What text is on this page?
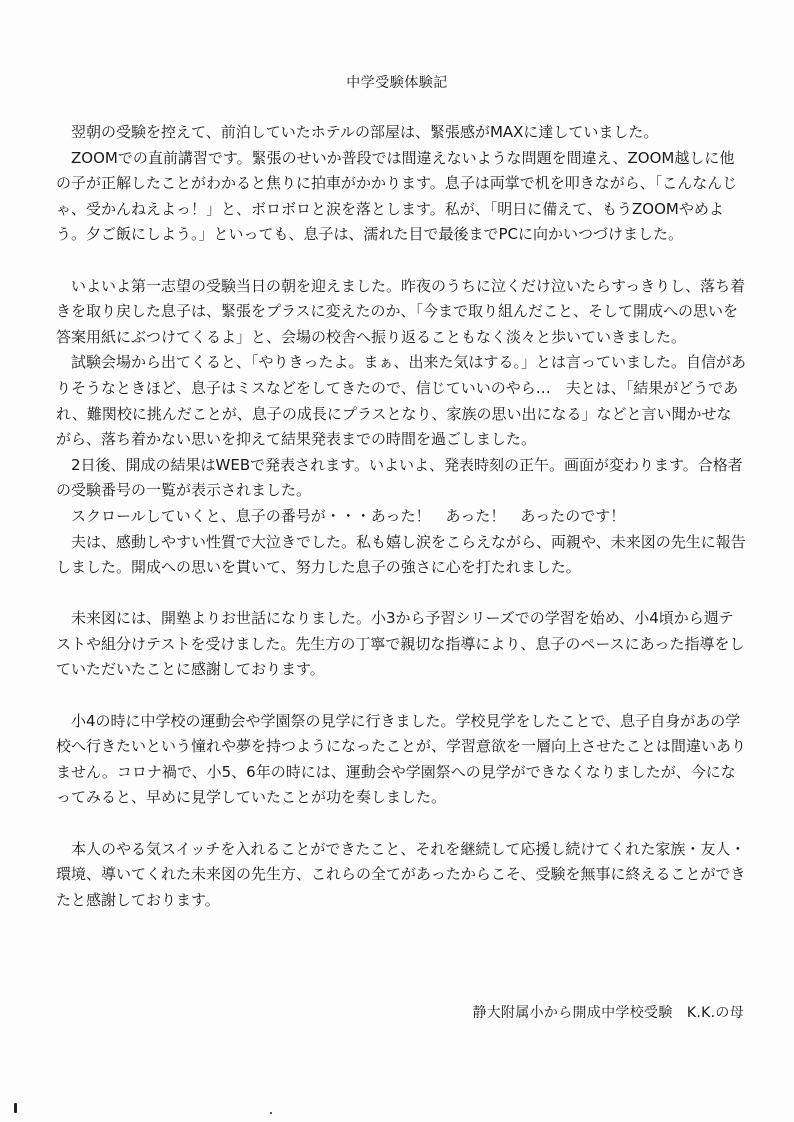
中学受験体験記

翌朝の受験を控えて、前泊していたホテルの部屋は、緊張感がMAXに達していました。

ZOOMでの直前講習です。緊張のせいか普段では間違えないような問題を間違え、ZOOM越しに他の子が正解したことがわかると焦りに拍車がかかります。息子は両掌で机を叩きながら、「こんなんじゃ、受かんねえよっ！」と、ボロボロと涙を落とします。私が、「明日に備えて、もうZOOMやめよう。夕ご飯にしよう。」といっても、息子は、濡れた目で最後までPCに向かいつづけました。

いよいよ第一志望の受験当日の朝を迎えました。昨夜のうちに泣くだけ泣いたらすっきりし、落ち着きを取り戻した息子は、緊張をプラスに変えたのか、「今まで取り組んだこと、そして開成への思いを答案用紙にぶつけてくるよ」と、会場の校舎へ振り返ることもなく淡々と歩いていきました。

試験会場から出てくると、「やりきったよ。まぁ、出来た気はする。」とは言っていました。自信がありそうなときほど、息子はミスなどをしてきたので、信じていいのやら…　夫とは、「結果がどうであれ、難関校に挑んだことが、息子の成長にプラスとなり、家族の思い出になる」などと言い聞かせながら、落ち着かない思いを抑えて結果発表までの時間を過ごしました。

2日後、開成の結果はWEBで発表されます。いよいよ、発表時刻の正午。画面が変わります。合格者の受験番号の一覧が表示されました。

スクロールしていくと、息子の番号が・・・あった！　あった！　あったのです！

夫は、感動しやすい性質で大泣きでした。私も嬉し涙をこらえながら、両親や、未来図の先生に報告しました。開成への思いを貫いて、努力した息子の強さに心を打たれました。

未来図には、開塾よりお世話になりました。小3から予習シリーズでの学習を始め、小4頃から週テストや組分けテストを受けました。先生方の丁寧で親切な指導により、息子のペースにあった指導をしていただいたことに感謝しております。

小4の時に中学校の運動会や学園祭の見学に行きました。学校見学をしたことで、息子自身があの学校へ行きたいという憧れや夢を持つようになったことが、学習意欲を一層向上させたことは間違いありません。コロナ禍で、小5、6年の時には、運動会や学園祭への見学ができなくなりましたが、今になってみると、早めに見学していたことが功を奏しました。

本人のやる気スイッチを入れることができたこと、それを継続して応援し続けてくれた家族・友人・環境、導いてくれた未来図の先生方、これらの全てがあったからこそ、受験を無事に終えることができたと感謝しております。

静大附属小から開成中学校受験　K.K.の母
